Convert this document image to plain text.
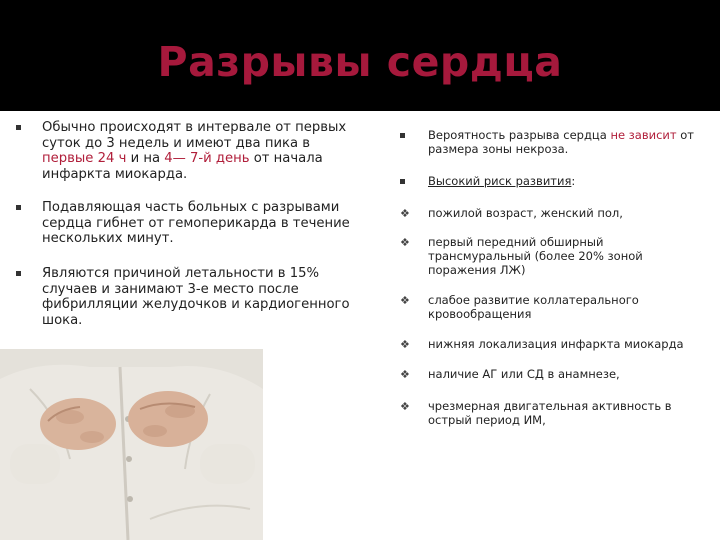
Разрывы сердца
Обычно происходят в интервале от первых суток до 3 недель и имеют два пика в первые 24 ч и на 4— 7-й день от начала инфаркта миокарда.
Подавляющая часть больных с разрывами сердца гибнет от гемоперикарда в течение нескольких минут.
Являются причиной летальности в 15% случаев и занимают 3-е место после фибрилляции желудочков и кардиогенного шока.
Вероятность разрыва сердца не зависит от размера зоны некроза.
Высокий риск развития:
❖ пожилой возраст, женский пол,
❖ первый передний обширный трансмуральный (более 20% зоной поражения ЛЖ)
❖ слабое развитие коллатерального кровообращения
❖ нижняя локализация инфаркта миокарда
❖ наличие АГ или СД в анамнезе,
❖ чрезмерная двигательная активность в острый период ИМ,
